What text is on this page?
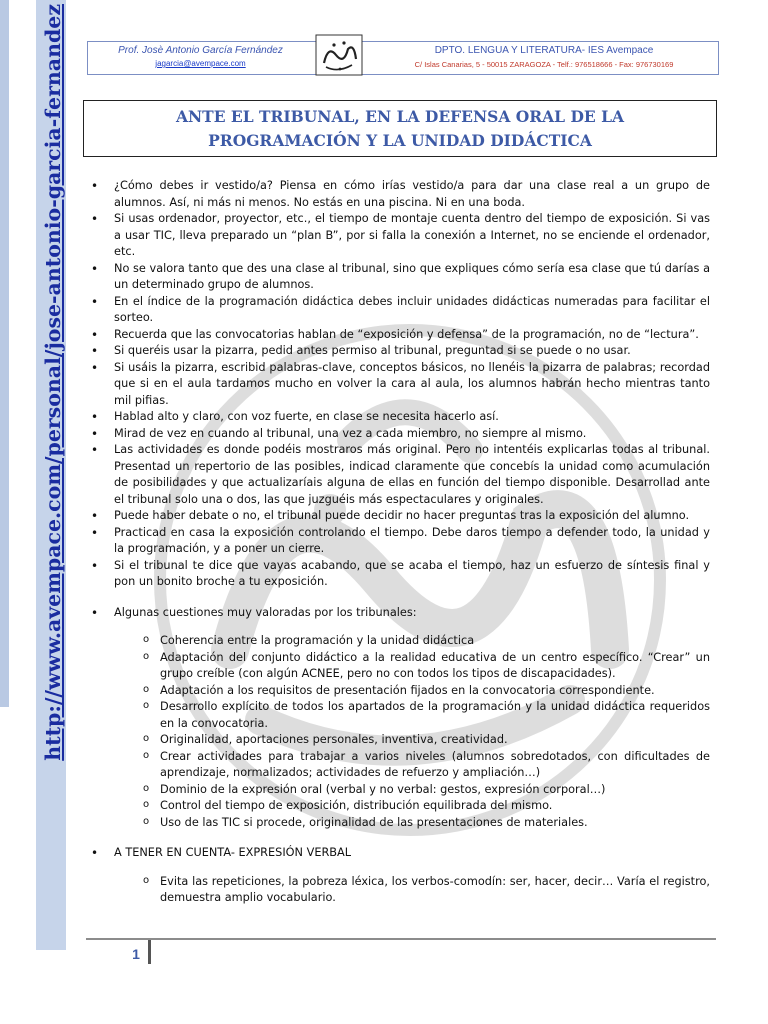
http://www.avempace.com/personal/jose-antonio-garcia-fernandez	Prof. Josè Antonio García Fernández
jagarcia@avempace.com
DPTO. LENGUA Y LITERATURA- IES Avempace
C/ Islas Canarias, 5 - 50015 ZARAGOZA - Telf.: 976518666 - Fax: 976730169
ANTE EL TRIBUNAL, EN LA DEFENSA ORAL DE LA
PROGRAMACIÓN Y LA UNIDAD DIDÁCTICA
• ¿Cómo debes ir vestido/a? Piensa en cómo irías vestido/a para dar una clase real a un grupo de alumnos. Así, ni más ni menos. No estás en una piscina. Ni en una boda.
• Si usas ordenador, proyector, etc., el tiempo de montaje cuenta dentro del tiempo de exposición. Si vas a usar TIC, lleva preparado un “plan B”, por si falla la conexión a Internet, no se enciende el ordenador, etc.
• No se valora tanto que des una clase al tribunal, sino que expliques cómo sería esa clase que tú darías a un determinado grupo de alumnos.
• En el índice de la programación didáctica debes incluir unidades didácticas numeradas para facilitar el sorteo.
• Recuerda que las convocatorias hablan de “exposición y defensa” de la programación, no de “lectura”.
• Si queréis usar la pizarra, pedid antes permiso al tribunal, preguntad si se puede o no usar.
• Si usáis la pizarra, escribid palabras-clave, conceptos básicos, no llenéis la pizarra de palabras; recordad que si en el aula tardamos mucho en volver la cara al aula, los alumnos habrán hecho mientras tanto mil pifias.
• Hablad alto y claro, con voz fuerte, en clase se necesita hacerlo así.
• Mirad de vez en cuando al tribunal, una vez a cada miembro, no siempre al mismo.
• Las actividades es donde podéis mostraros más original. Pero no intentéis explicarlas todas al tribunal. Presentad un repertorio de las posibles, indicad claramente que concebís la unidad como acumulación de posibilidades y que actualizaríais alguna de ellas en función del tiempo disponible. Desarrollad ante el tribunal solo una o dos, las que juzguéis más espectaculares y originales.
• Puede haber debate o no, el tribunal puede decidir no hacer preguntas tras la exposición del alumno.
• Practicad en casa la exposición controlando el tiempo. Debe daros tiempo a defender todo, la unidad y la programación, y a poner un cierre.
• Si el tribunal te dice que vayas acabando, que se acaba el tiempo, haz un esfuerzo de síntesis final y pon un bonito broche a tu exposición.
• Algunas cuestiones muy valoradas por los tribunales:
o Coherencia entre la programación y la unidad didáctica
o Adaptación del conjunto didáctico a la realidad educativa de un centro específico. “Crear” un grupo creíble (con algún ACNEE, pero no con todos los tipos de discapacidades).
o Adaptación a los requisitos de presentación fijados en la convocatoria correspondiente.
o Desarrollo explícito de todos los apartados de la programación y la unidad didáctica requeridos en la convocatoria.
o Originalidad, aportaciones personales, inventiva, creatividad.
o Crear actividades para trabajar a varios niveles (alumnos sobredotados, con dificultades de aprendizaje, normalizados; actividades de refuerzo y ampliación…)
o Dominio de la expresión oral (verbal y no verbal: gestos, expresión corporal…)
o Control del tiempo de exposición, distribución equilibrada del mismo.
o Uso de las TIC si procede, originalidad de las presentaciones de materiales.
• A TENER EN CUENTA- EXPRESIÓN VERBAL
o Evita las repeticiones, la pobreza léxica, los verbos-comodín: ser, hacer, decir… Varía el registro, demuestra amplio vocabulario.
1
